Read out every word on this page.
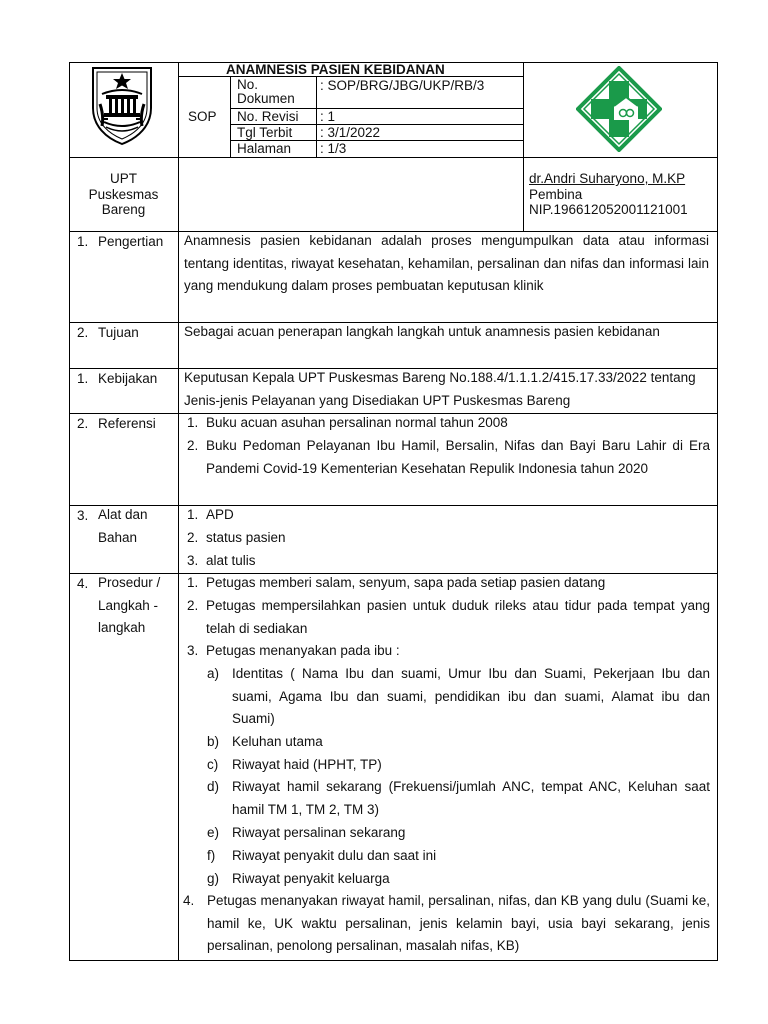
ANAMNESIS PASIEN KEBIDANAN
SOP
No. Dokumen
: SOP/BRG/JBG/UKP/RB/3
No. Revisi : 1
Tgl Terbit : 3/1/2022
Halaman : 1/3
UPT
Puskesmas
Bareng
dr.Andri Suharyono, M.KP
Pembina
NIP.196612052001121001
1. Pengertian Anamnesis pasien kebidanan adalah proses mengumpulkan data atau informasi tentang identitas, riwayat kesehatan, kehamilan, persalinan dan nifas dan informasi lain yang mendukung dalam proses pembuatan keputusan klinik
2. Tujuan	Sebagai acuan penerapan langkah langkah untuk anamnesis pasien kebidanan
1. Kebijakan Keputusan Kepala UPT Puskesmas Bareng No.188.4/1.1.1.2/415.17.33/2022 tentang Jenis-jenis Pelayanan yang Disediakan UPT Puskesmas Bareng
2. Referensi 1. Buku acuan asuhan persalinan normal tahun 2008
2. Buku Pedoman Pelayanan Ibu Hamil, Bersalin, Nifas dan Bayi Baru Lahir di Era Pandemi Covid-19 Kementerian Kesehatan Repulik Indonesia tahun 2020
3. Alat dan
Bahan
1. APD
2. status pasien
3. alat tulis
4. Prosedur /
Langkah -
langkah
1. Petugas memberi salam, senyum, sapa pada setiap pasien datang
2. Petugas mempersilahkan pasien untuk duduk rileks atau tidur pada tempat yang telah di sediakan
3. Petugas menanyakan pada ibu :
a) Identitas ( Nama Ibu dan suami, Umur Ibu dan Suami, Pekerjaan Ibu dan suami, Agama Ibu dan suami, pendidikan ibu dan suami, Alamat ibu dan Suami)
b) Keluhan utama
c) Riwayat haid (HPHT, TP)
d) Riwayat hamil sekarang (Frekuensi/jumlah ANC, tempat ANC, Keluhan saat hamil TM 1, TM 2, TM 3)
e) Riwayat persalinan sekarang
f) Riwayat penyakit dulu dan saat ini
g) Riwayat penyakit keluarga
4. Petugas menanyakan riwayat hamil, persalinan, nifas, dan KB yang dulu (Suami ke, hamil ke, UK waktu persalinan, jenis kelamin bayi, usia bayi sekarang, jenis persalinan, penolong persalinan, masalah nifas, KB)
